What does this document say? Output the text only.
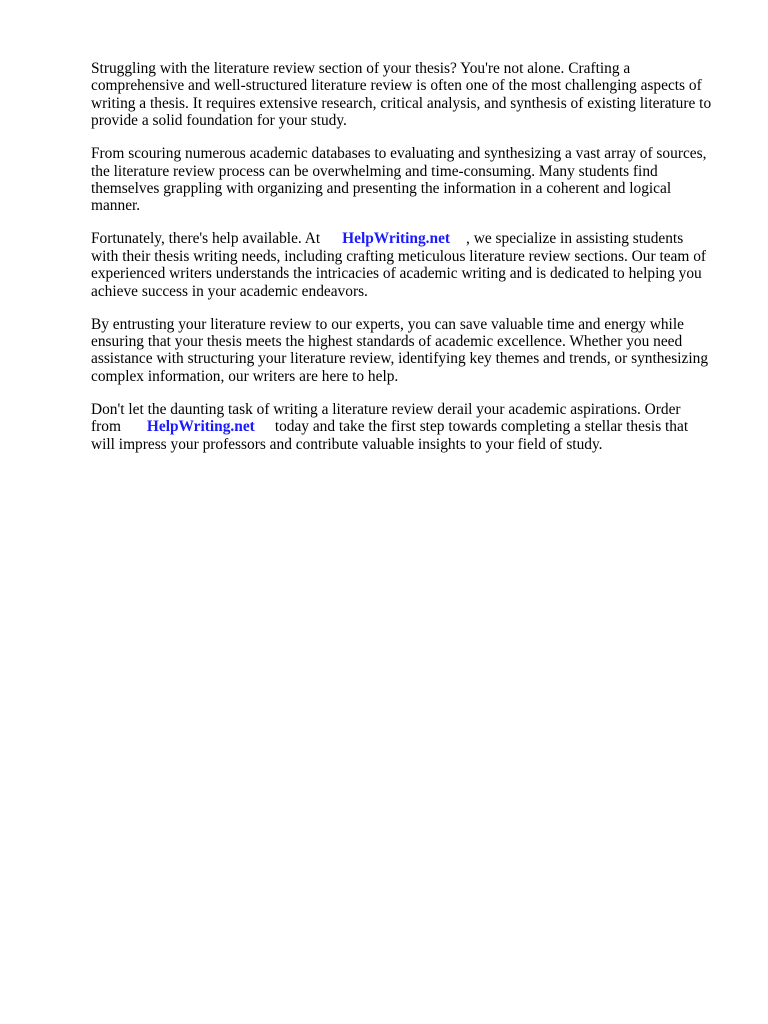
Struggling with the literature review section of your thesis? You're not alone. Crafting a
comprehensive and well-structured literature review is often one of the most challenging aspects of
writing a thesis. It requires extensive research, critical analysis, and synthesis of existing literature to
provide a solid foundation for your study.

From scouring numerous academic databases to evaluating and synthesizing a vast array of sources,
the literature review process can be overwhelming and time-consuming. Many students find
themselves grappling with organizing and presenting the information in a coherent and logical
manner.

Fortunately, there's help available. At HelpWriting.net , we specialize in assisting students
with their thesis writing needs, including crafting meticulous literature review sections. Our team of
experienced writers understands the intricacies of academic writing and is dedicated to helping you
achieve success in your academic endeavors.

By entrusting your literature review to our experts, you can save valuable time and energy while
ensuring that your thesis meets the highest standards of academic excellence. Whether you need
assistance with structuring your literature review, identifying key themes and trends, or synthesizing
complex information, our writers are here to help.

Don't let the daunting task of writing a literature review derail your academic aspirations. Order
from HelpWriting.net today and take the first step towards completing a stellar thesis that
will impress your professors and contribute valuable insights to your field of study.
